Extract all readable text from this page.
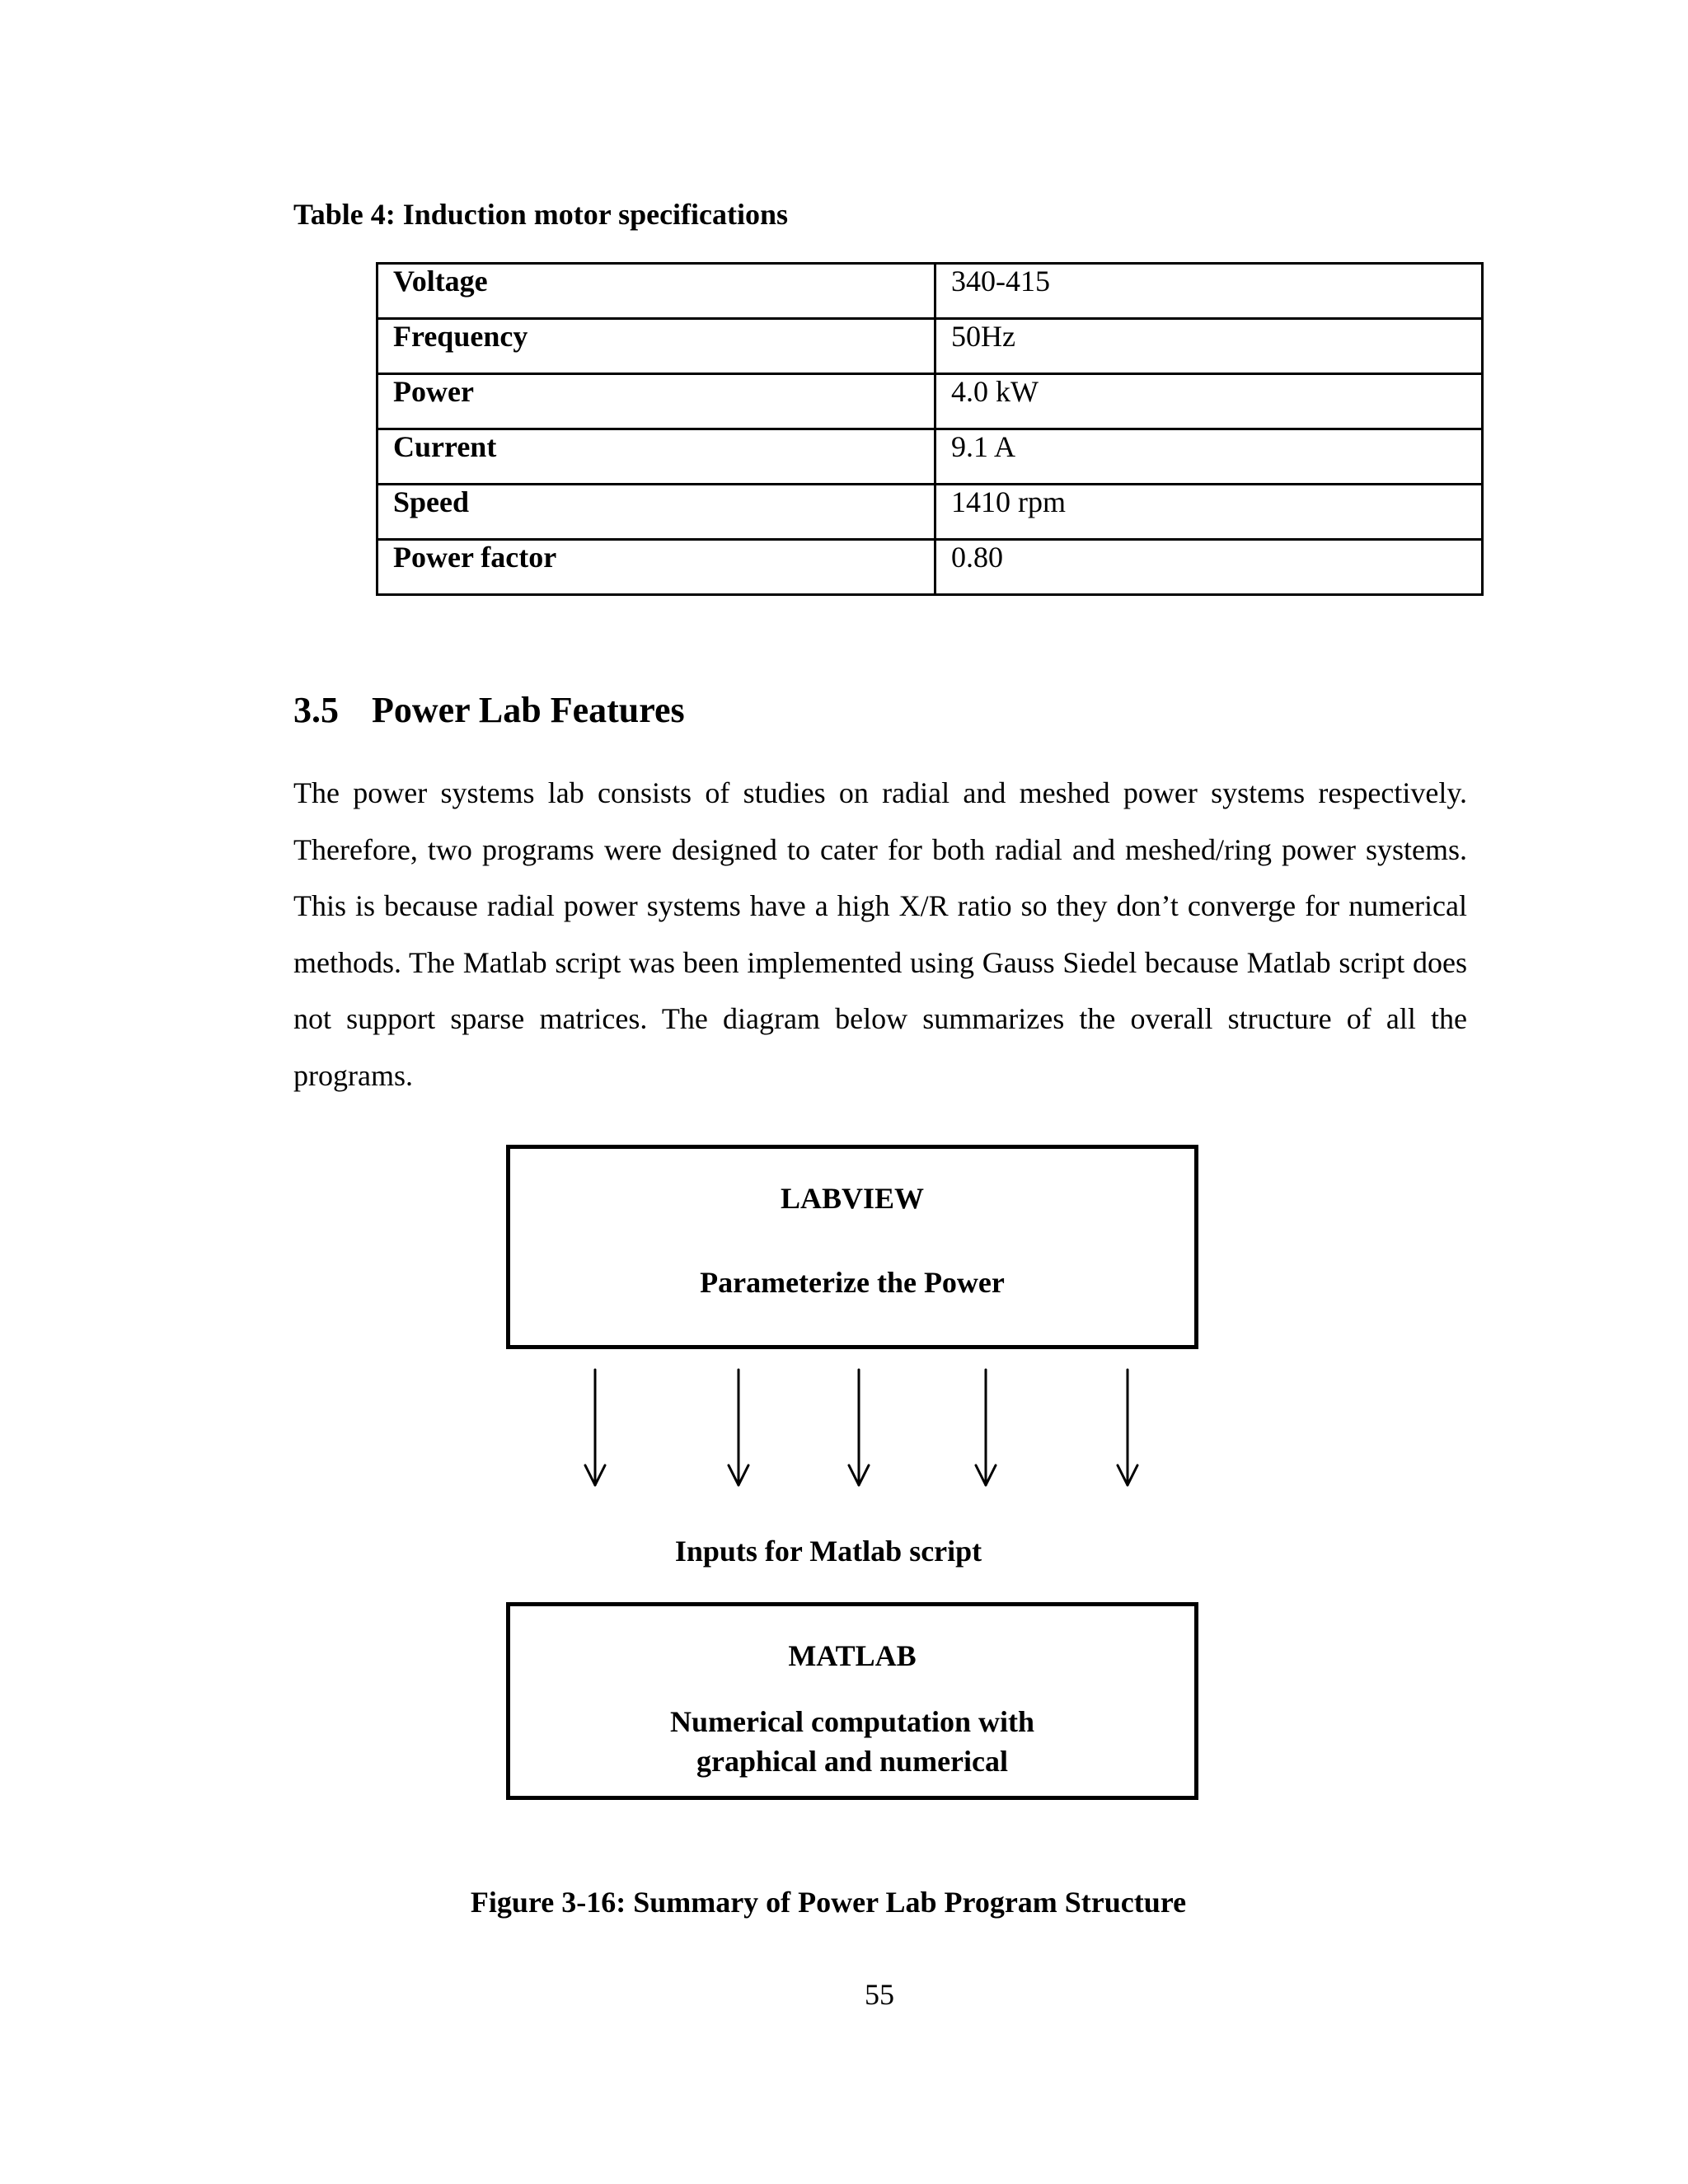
Table 4: Induction motor specifications
Voltage	340-415
Frequency	50Hz
Power	4.0 kW
Current	9.1 A
Speed	1410 rpm
Power factor	0.80
3.5 Power Lab Features

The power systems lab consists of studies on radial and meshed power systems respectively. Therefore, two programs were designed to cater for both radial and meshed/ring power systems. This is because radial power systems have a high X/R ratio so they don’t converge for numerical methods. The Matlab script was been implemented using Gauss Siedel because Matlab script does not support sparse matrices. The diagram below summarizes the overall structure of all the programs.

LABVIEW
Parameterize the Power
Inputs for Matlab script
MATLAB
Numerical computation with
graphical and numerical
Figure 3-16: Summary of Power Lab Program Structure
55
